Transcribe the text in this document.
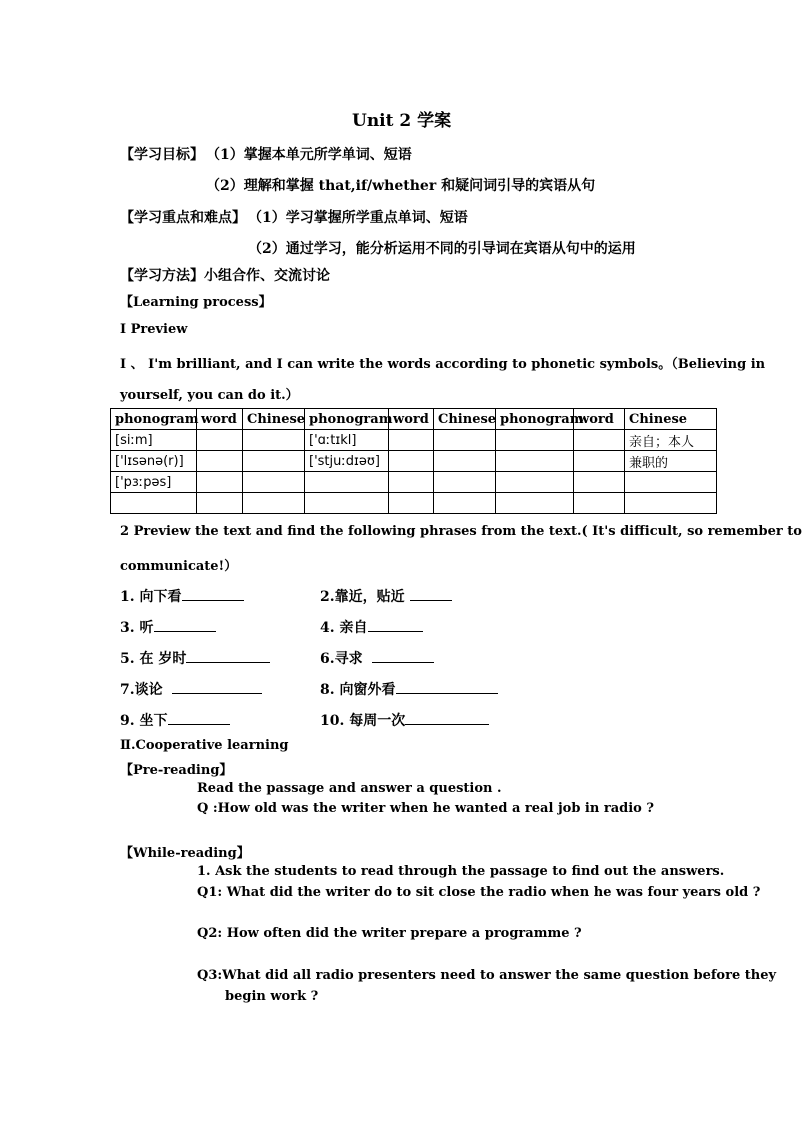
Unit 2 学案
【学习目标】 （1）掌握本单元所学单词、短语
（2）理解和掌握 that,if/whether 和疑问词引导的宾语从句
【学习重点和难点】 （1）学习掌握所学重点单词、短语
（2）通过学习，能分析运用不同的引导词在宾语从句中的运用
【学习方法】小组合作、交流讨论
【Learning process】
Ⅰ Preview
Ⅰ 、 I'm brilliant, and I can write the words according to phonetic symbols。（Believing in
yourself, you can do it.）
phonogram	word	Chinese	phonogram	word	Chinese	phonogram	word	Chinese
[siːm]			['ɑːtɪkl]					亲自；本人
['lɪsənə(r)]			['stjuːdɪəʊ]					兼职的
['pɜːpəs]								

2 Preview the text and find the following phrases from the text.( It's difficult, so remember to
communicate!）
1. 向下看	2.靠近，贴近
3. 听	4. 亲自
5. 在 岁时	6.寻求
7.谈论	8. 向窗外看
9. 坐下	10. 每周一次
Ⅱ.Cooperative learning
【Pre-reading】
Read the passage and answer a question .
Q :How old was the writer when he wanted a real job in radio ?
【While-reading】
1. Ask the students to read through the passage to find out the answers.
Q1: What did the writer do to sit close the radio when he was four years old ?
Q2: How often did the writer prepare a programme ?
Q3:What did all radio presenters need to answer the same question before they
begin work ?
